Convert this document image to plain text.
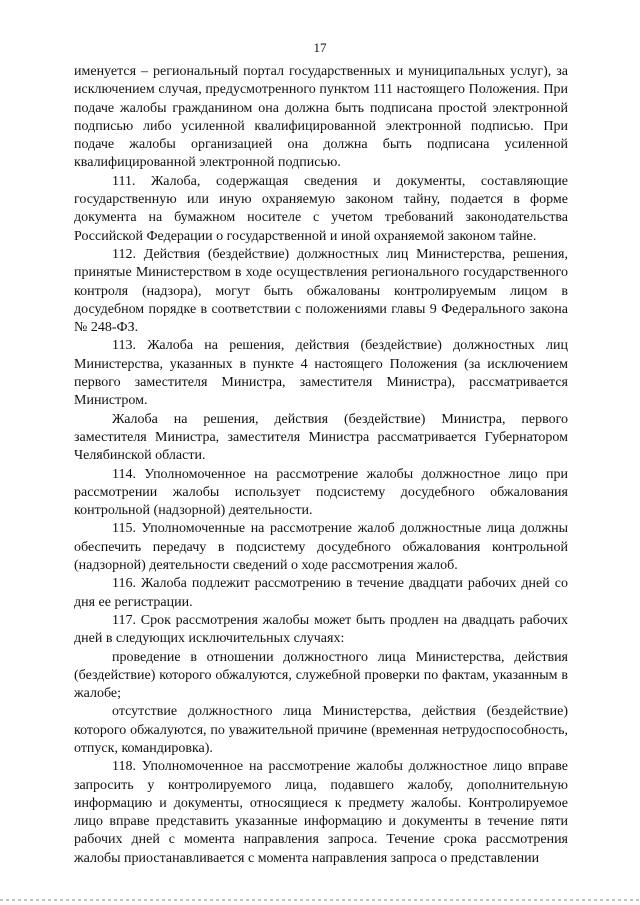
17

именуется – региональный портал государственных и муниципальных услуг), за исключением случая, предусмотренного пунктом 111 настоящего Положения. При подаче жалобы гражданином она должна быть подписана простой электронной подписью либо усиленной квалифицированной электронной подписью. При подаче жалобы организацией она должна быть подписана усиленной квалифицированной электронной подписью.

111. Жалоба, содержащая сведения и документы, составляющие государственную или иную охраняемую законом тайну, подается в форме документа на бумажном носителе с учетом требований законодательства Российской Федерации о государственной и иной охраняемой законом тайне.

112. Действия (бездействие) должностных лиц Министерства, решения, принятые Министерством в ходе осуществления регионального государственного контроля (надзора), могут быть обжалованы контролируемым лицом в досудебном порядке в соответствии с положениями главы 9 Федерального закона № 248-ФЗ.

113. Жалоба на решения, действия (бездействие) должностных лиц Министерства, указанных в пункте 4 настоящего Положения (за исключением первого заместителя Министра, заместителя Министра), рассматривается Министром.

Жалоба на решения, действия (бездействие) Министра, первого заместителя Министра, заместителя Министра рассматривается Губернатором Челябинской области.

114. Уполномоченное на рассмотрение жалобы должностное лицо при рассмотрении жалобы использует подсистему досудебного обжалования контрольной (надзорной) деятельности.

115. Уполномоченные на рассмотрение жалоб должностные лица должны обеспечить передачу в подсистему досудебного обжалования контрольной (надзорной) деятельности сведений о ходе рассмотрения жалоб.

116. Жалоба подлежит рассмотрению в течение двадцати рабочих дней со дня ее регистрации.

117. Срок рассмотрения жалобы может быть продлен на двадцать рабочих дней в следующих исключительных случаях:

проведение в отношении должностного лица Министерства, действия (бездействие) которого обжалуются, служебной проверки по фактам, указанным в жалобе;

отсутствие должностного лица Министерства, действия (бездействие) которого обжалуются, по уважительной причине (временная нетрудоспособность, отпуск, командировка).

118. Уполномоченное на рассмотрение жалобы должностное лицо вправе запросить у контролируемого лица, подавшего жалобу, дополнительную информацию и документы, относящиеся к предмету жалобы. Контролируемое лицо вправе представить указанные информацию и документы в течение пяти рабочих дней с момента направления запроса. Течение срока рассмотрения жалобы приостанавливается с момента направления запроса о представлении
